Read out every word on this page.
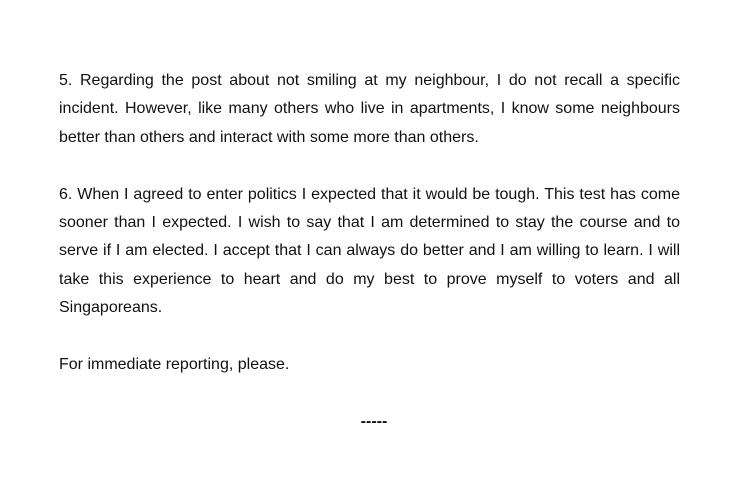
5. Regarding the post about not smiling at my neighbour, I do not recall a specific incident. However, like many others who live in apartments, I know some neighbours better than others and interact with some more than others.

6. When I agreed to enter politics I expected that it would be tough. This test has come sooner than I expected. I wish to say that I am determined to stay the course and to serve if I am elected. I accept that I can always do better and I am willing to learn. I will take this experience to heart and do my best to prove myself to voters and all Singaporeans.

For immediate reporting, please.

-----
